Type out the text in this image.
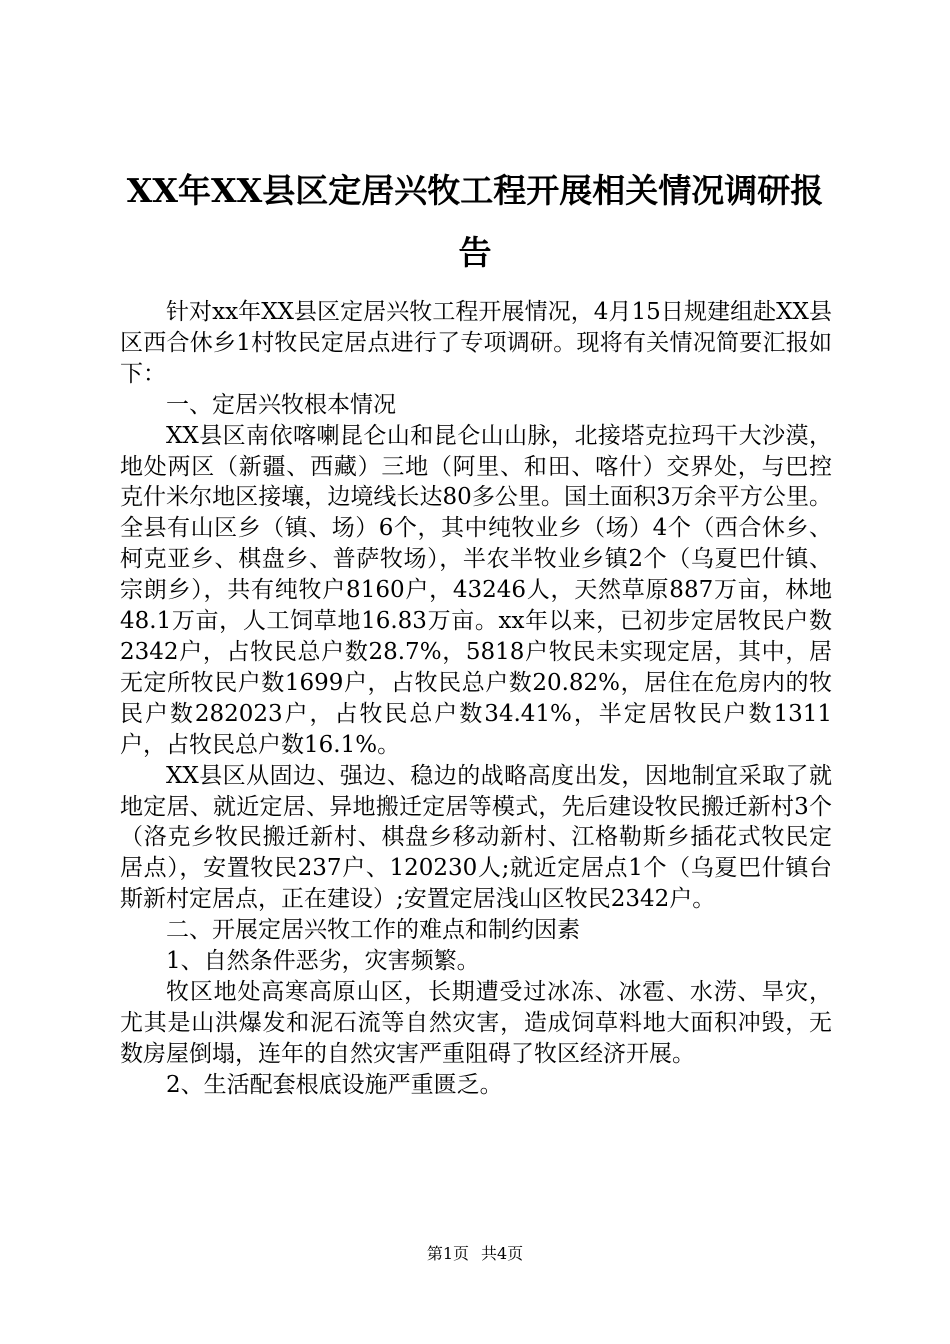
XX年XX县区定居兴牧工程开展相关情况调研报告

针对xx年XX县区定居兴牧工程开展情况，4月15日规建组赴XX县区西合休乡1村牧民定居点进行了专项调研。现将有关情况简要汇报如下：

一、定居兴牧根本情况

XX县区南依喀喇昆仑山和昆仑山山脉，北接塔克拉玛干大沙漠，地处两区（新疆、西藏）三地（阿里、和田、喀什）交界处，与巴控克什米尔地区接壤，边境线长达80多公里。国土面积3万余平方公里。全县有山区乡（镇、场）6个，其中纯牧业乡（场）4个（西合休乡、柯克亚乡、棋盘乡、普萨牧场），半农半牧业乡镇2个（乌夏巴什镇、宗朗乡），共有纯牧户8160户，43246人，天然草原887万亩，林地48.1万亩，人工饲草地16.83万亩。xx年以来，已初步定居牧民户数2342户，占牧民总户数28.7%，5818户牧民未实现定居，其中，居无定所牧民户数1699户，占牧民总户数20.82%，居住在危房内的牧民户数282023户，占牧民总户数34.41%，半定居牧民户数1311户，占牧民总户数16.1%。

XX县区从固边、强边、稳边的战略高度出发，因地制宜采取了就地定居、就近定居、异地搬迁定居等模式，先后建设牧民搬迁新村3个（洛克乡牧民搬迁新村、棋盘乡移动新村、江格勒斯乡插花式牧民定居点），安置牧民237户、120230人;就近定居点1个（乌夏巴什镇台斯新村定居点，正在建设）;安置定居浅山区牧民2342户。

二、开展定居兴牧工作的难点和制约因素

1、自然条件恶劣，灾害频繁。

牧区地处高寒高原山区，长期遭受过冰冻、冰雹、水涝、旱灾，尤其是山洪爆发和泥石流等自然灾害，造成饲草料地大面积冲毁，无数房屋倒塌，连年的自然灾害严重阻碍了牧区经济开展。

2、生活配套根底设施严重匮乏。

第1页 共4页
